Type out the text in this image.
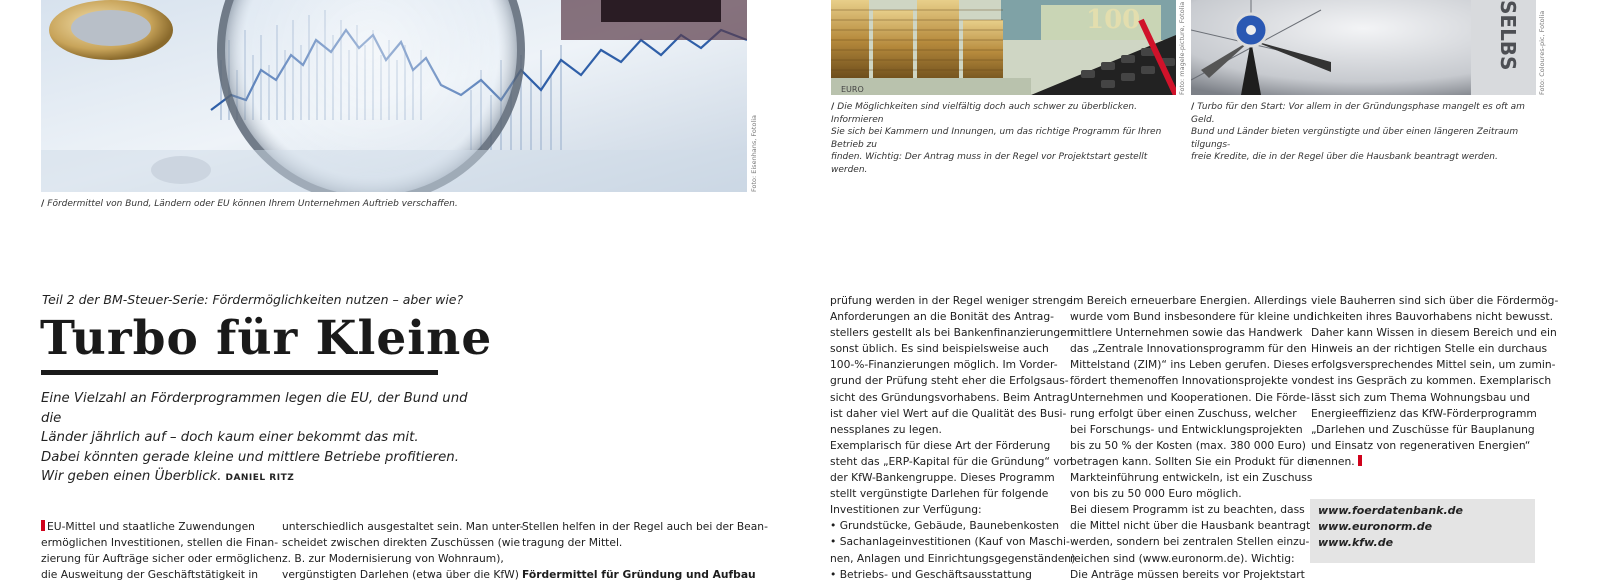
Foto: Eisenhans, Fotolia
/ Fördermittel von Bund, Ländern oder EU können Ihrem Unternehmen Auftrieb verschaffen.
100
EURO	Foto: magele-picture, Fotolia
/ Die Möglichkeiten sind vielfältig doch auch schwer zu überblicken. Informieren
Sie sich bei Kammern und Innungen, um das richtige Programm für Ihren Betrieb zu
finden. Wichtig: Der Antrag muss in der Regel vor Projektstart gestellt werden.
SELBS	Foto: Coloures-pic, Fotolia
/ Turbo für den Start: Vor allem in der Gründungsphase mangelt es oft am Geld.
Bund und Länder bieten vergünstigte und über einen längeren Zeitraum tilgungs-
freie Kredite, die in der Regel über die Hausbank beantragt werden.
Teil 2 der BM-Steuer-Serie: Fördermöglichkeiten nutzen – aber wie?
Turbo für Kleine
Eine Vielzahl an Förderprogrammen legen die EU, der Bund und die
Länder jährlich auf – doch kaum einer bekommt das mit.
Dabei könnten gerade kleine und mittlere Betriebe profitieren.
Wir geben einen Überblick. DANIEL RITZ

EU-Mittel und staatliche Zuwendungen

ermöglichen Investitionen, stellen die Finan-

zierung für Aufträge sicher oder ermöglichen

die Ausweitung der Geschäftstätigkeit in

unterschiedlich ausgestaltet sein. Man unter-

scheidet zwischen direkten Zuschüssen (wie

z. B. zur Modernisierung von Wohnraum),

vergünstigten Darlehen (etwa über die KfW)

Stellen helfen in der Regel auch bei der Bean-

tragung der Mittel.

Fördermittel für Gründung und Aufbau

prüfung werden in der Regel weniger strenge

Anforderungen an die Bonität des Antrag-

stellers gestellt als bei Bankenfinanzierungen

sonst üblich. Es sind beispielsweise auch

100-%-Finanzierungen möglich. Im Vorder-

grund der Prüfung steht eher die Erfolgsaus-

sicht des Gründungsvorhabens. Beim Antrag

ist daher viel Wert auf die Qualität des Busi-

nessplanes zu legen.

Exemplarisch für diese Art der Förderung

steht das „ERP-Kapital für die Gründung“ von

der KfW-Bankengruppe. Dieses Programm

stellt vergünstigte Darlehen für folgende

Investitionen zur Verfügung:

• Grundstücke, Gebäude, Baunebenkosten

• Sachanlageinvestitionen (Kauf von Maschi-

nen, Anlagen und Einrichtungsgegenständen)

• Betriebs- und Geschäftsausstattung

im Bereich erneuerbare Energien. Allerdings

wurde vom Bund insbesondere für kleine und

mittlere Unternehmen sowie das Handwerk

das „Zentrale Innovationsprogramm für den

Mittelstand (ZIM)“ ins Leben gerufen. Dieses

fördert themenoffen Innovationsprojekte von

Unternehmen und Kooperationen. Die Förde-

rung erfolgt über einen Zuschuss, welcher

bei Forschungs- und Entwicklungsprojekten

bis zu 50 % der Kosten (max. 380 000 Euro)

betragen kann. Sollten Sie ein Produkt für die

Markteinführung entwickeln, ist ein Zuschuss

von bis zu 50 000 Euro möglich.

Bei diesem Programm ist zu beachten, dass

die Mittel nicht über die Hausbank beantragt

werden, sondern bei zentralen Stellen einzu-

reichen sind (www.euronorm.de). Wichtig:

Die Anträge müssen bereits vor Projektstart

viele Bauherren sind sich über die Fördermög-

lichkeiten ihres Bauvorhabens nicht bewusst.

Daher kann Wissen in diesem Bereich und ein

Hinweis an der richtigen Stelle ein durchaus

erfolgsversprechendes Mittel sein, um zumin-

dest ins Gespräch zu kommen. Exemplarisch

lässt sich zum Thema Wohnungsbau und

Energieeffizienz das KfW-Förderprogramm

„Darlehen und Zuschüsse für Bauplanung

und Einsatz von regenerativen Energien“

nennen.

www.foerdatenbank.de
www.euronorm.de
www.kfw.de
